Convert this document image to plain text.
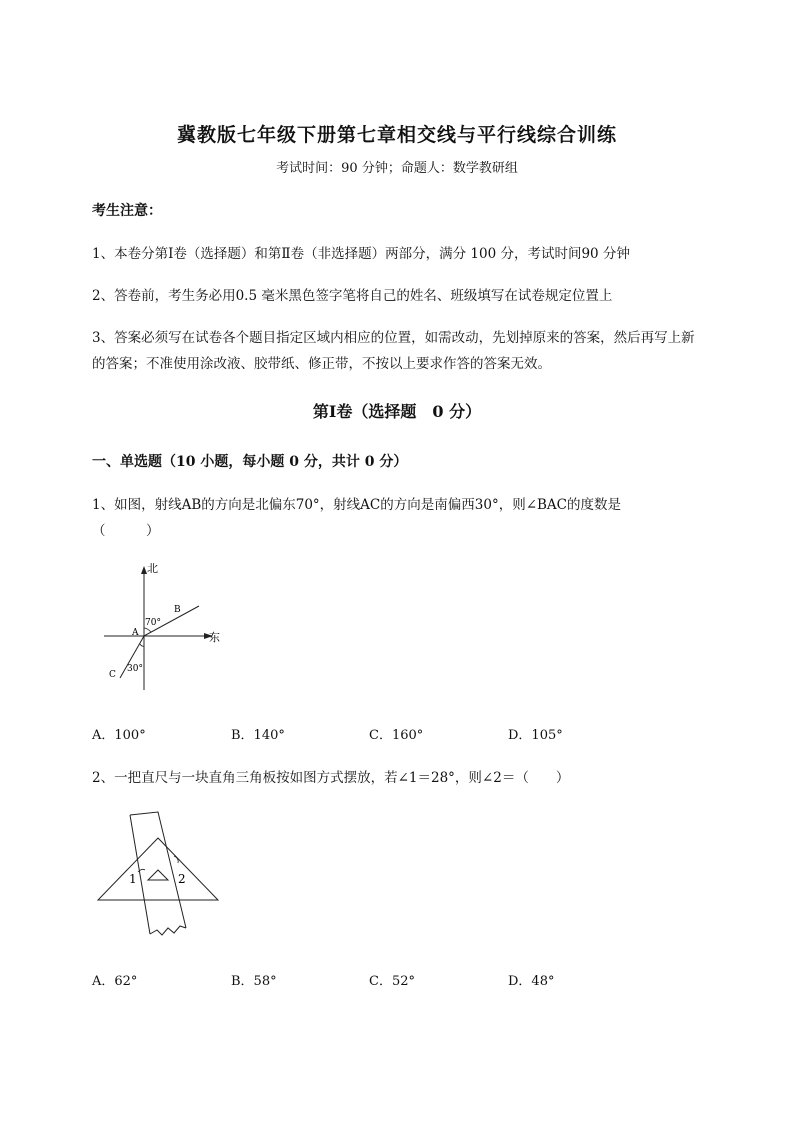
冀教版七年级下册第七章相交线与平行线综合训练
考试时间：90 分钟；命题人：数学教研组
考生注意：
1、本卷分第Ⅰ卷（选择题）和第Ⅱ卷（非选择题）两部分，满分 100 分，考试时间90 分钟
2、答卷前，考生务必用0.5 毫米黑色签字笔将自己的姓名、班级填写在试卷规定位置上
3、答案必须写在试卷各个题目指定区域内相应的位置，如需改动，先划掉原来的答案，然后再写上新
的答案；不准使用涂改液、胶带纸、修正带，不按以上要求作答的答案无效。
第Ⅰ卷（选择题　0 分）
一、单选题（10 小题，每小题 0 分，共计 0 分）
1、如图，射线AB的方向是北偏东70°，射线AC的方向是南偏西30°，则∠BAC的度数是
（　　　）
北
东
A
B
C
70°
30°
A．100°	B．140°	C．160°	D．105°
2、一把直尺与一块直角三角板按如图方式摆放，若∠1＝28°，则∠2＝（　　）
1	2
A．62°	B．58°	C．52°	D．48°
